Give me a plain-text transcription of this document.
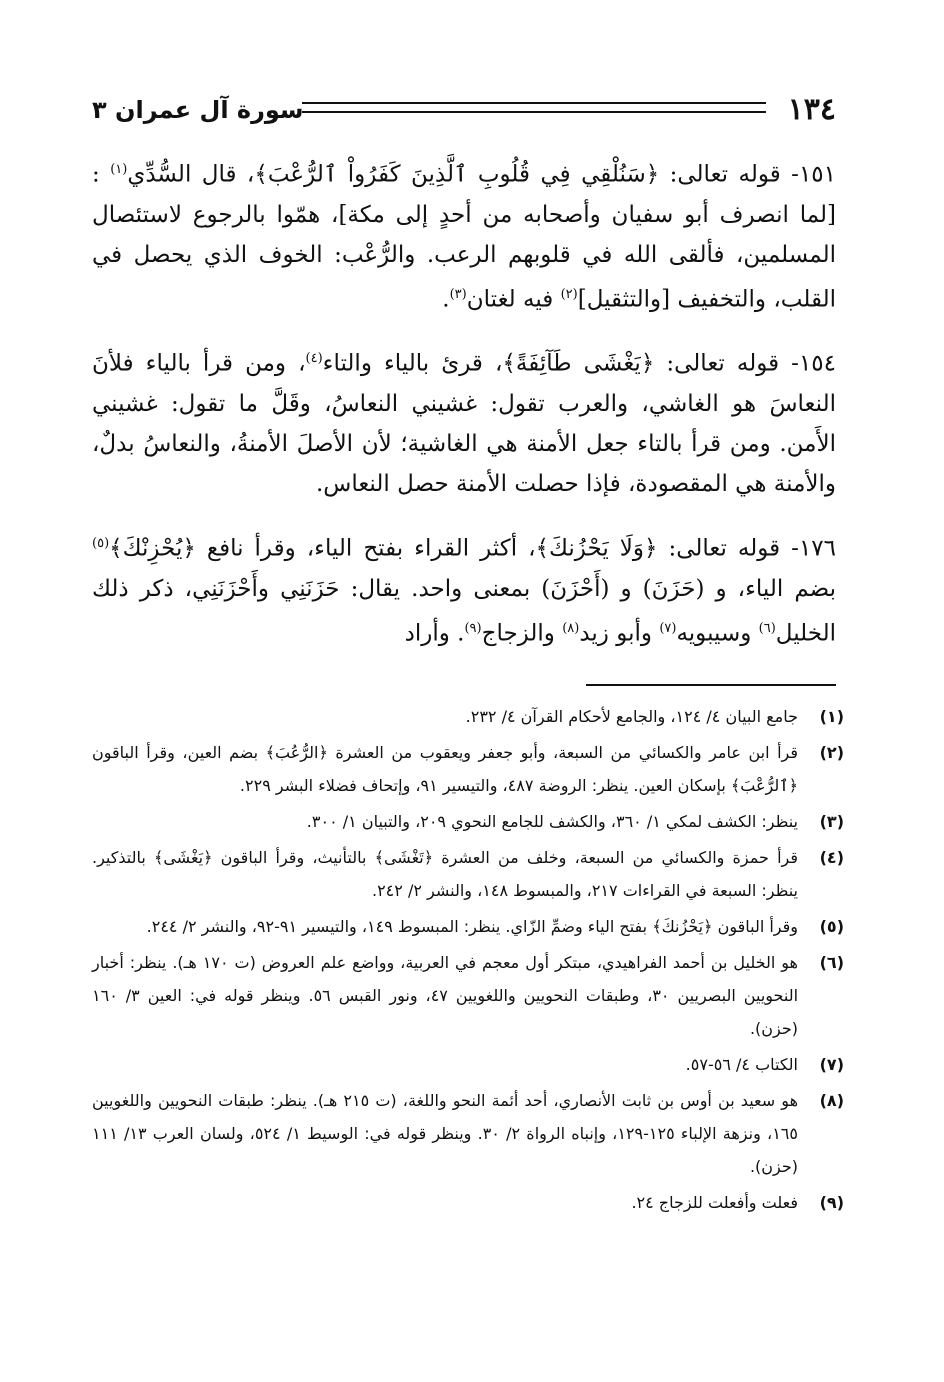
١٣٤
سورة آل عمران ٣

١٥١- قوله تعالى: ﴿سَنُلْقِي فِي قُلُوبِ ٱلَّذِينَ كَفَرُواْ ٱلرُّعْبَ﴾، قال السُّدِّي$^{(١)}$ : [لما انصرف أبو سفيان وأصحابه من أحدٍ إلى مكة]، همّوا بالرجوع لاستئصال المسلمين، فألقى الله في قلوبهم الرعب. والرُّعْب: الخوف الذي يحصل في القلب، والتخفيف [والتثقيل]$^{(٢)}$ فيه لغتان$^{(٣)}$.

١٥٤- قوله تعالى: ﴿يَغْشَى طَآئِفَةً﴾، قرئ بالياء والتاء$^{(٤)}$، ومن قرأ بالياء فلأنَ النعاسَ هو الغاشي، والعرب تقول: غشيني النعاسُ، وقَلَّ ما تقول: غشيني الأَمن. ومن قرأ بالتاء جعل الأمنة هي الغاشية؛ لأن الأصلَ الأمنةُ، والنعاسُ بدلٌ، والأمنة هي المقصودة، فإذا حصلت الأمنة حصل النعاس.

١٧٦- قوله تعالى: ﴿وَلَا يَحْزُنكَ﴾، أكثر القراء بفتح الياء، وقرأ نافع ﴿يُحْزِنْكَ﴾$^{(٥)}$ بضم الياء، و (حَزَنَ) و (أَحْزَنَ) بمعنى واحد. يقال: حَزَنَنِي وأَحْزَنَنِي، ذكر ذلك الخليل$^{(٦)}$ وسيبويه$^{(٧)}$ وأبو زيد$^{(٨)}$ والزجاج$^{(٩)}$. وأراد

(١)
جامع البيان ٤/ ١٢٤، والجامع لأحكام القرآن ٤/ ٢٣٢.
(٢)
قرأ ابن عامر والكسائي من السبعة، وأبو جعفر ويعقوب من العشرة ﴿الرُّعُبَ﴾ بضم العين، وقرأ الباقون ﴿ٱلرُّعْبَ﴾ بإسكان العين. ينظر: الروضة ٤٨٧، والتيسير ٩١، وإتحاف فضلاء البشر ٢٢٩.
(٣)
ينظر: الكشف لمكي ١/ ٣٦٠، والكشف للجامع النحوي ٢٠٩، والتبيان ١/ ٣٠٠.
(٤)
قرأ حمزة والكسائي من السبعة، وخلف من العشرة ﴿تَغْشَى﴾ بالتأنيث، وقرأ الباقون ﴿يَغْشَى﴾ بالتذكير. ينظر: السبعة في القراءات ٢١٧، والمبسوط ١٤٨، والنشر ٢/ ٢٤٢.
(٥)
وقرأ الباقون ﴿يَحْزُنكَ﴾ بفتح الياء وضمِّ الزّاي. ينظر: المبسوط ١٤٩، والتيسير ٩١-٩٢، والنشر ٢/ ٢٤٤.
(٦)
هو الخليل بن أحمد الفراهيدي، مبتكر أول معجم في العربية، وواضع علم العروض (ت ١٧٠ هـ). ينظر: أخبار النحويين البصريين ٣٠، وطبقات النحويين واللغويين ٤٧، ونور القبس ٥٦. وينظر قوله في: العين ٣/ ١٦٠ (حزن).
(٧)
الكتاب ٤/ ٥٦-٥٧.
(٨)
هو سعيد بن أوس بن ثابت الأنصاري، أحد أئمة النحو واللغة، (ت ٢١٥ هـ). ينظر: طبقات النحويين واللغويين ١٦٥، ونزهة الإلباء ١٢٥-١٢٩، وإنباه الرواة ٢/ ٣٠. وينظر قوله في: الوسيط ١/ ٥٢٤، ولسان العرب ١٣/ ١١١ (حزن).
(٩)
فعلت وأفعلت للزجاج ٢٤.
